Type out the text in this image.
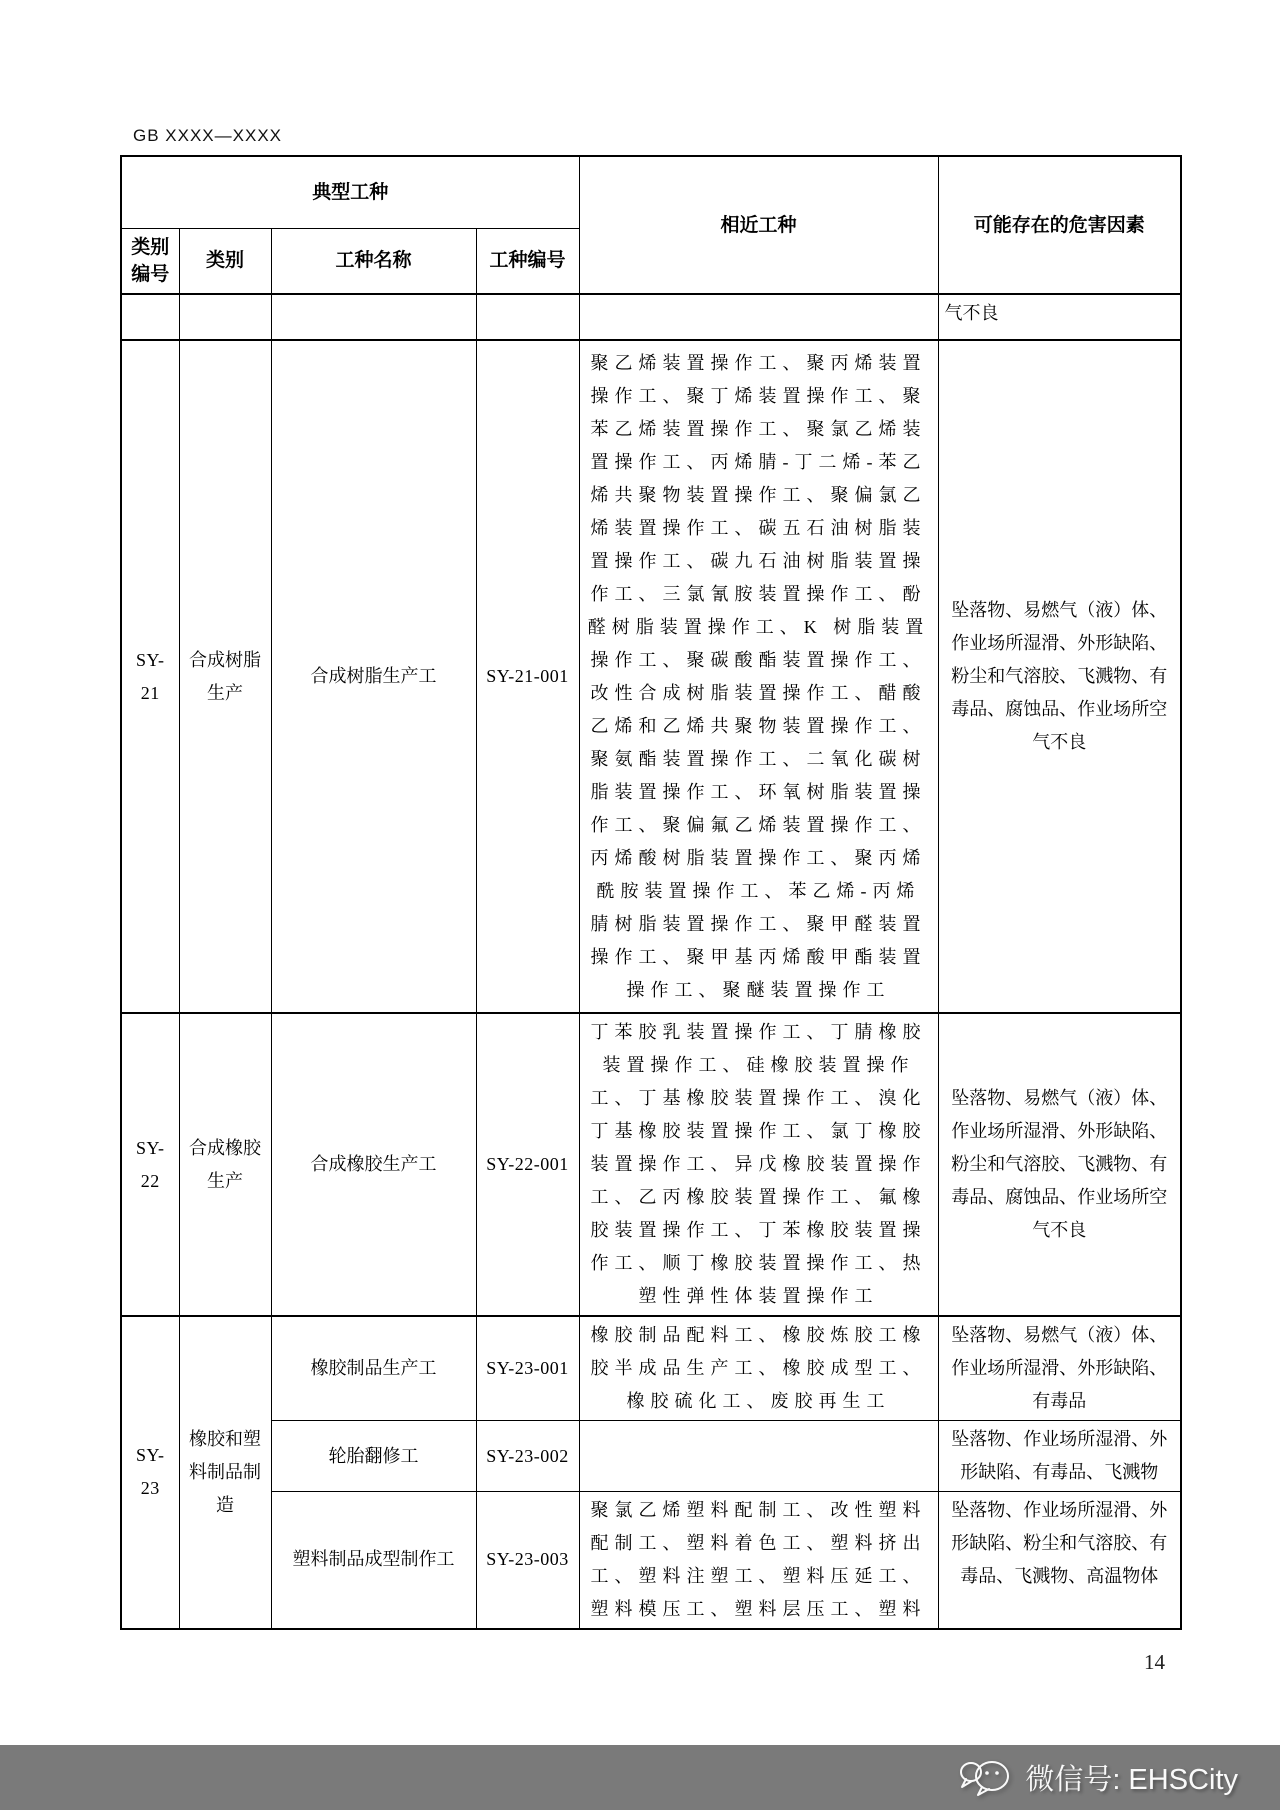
GB XXXX—XXXX
典型工种				相近工种	可能存在的危害因素
类别编号	类别	工种名称	工种编号		
					气不良
SY-21	合成树脂生产	合成树脂生产工	SY-21-001	聚乙烯装置操作工、聚丙烯装置操作工、聚丁烯装置操作工、聚苯乙烯装置操作工、聚氯乙烯装置操作工、丙烯腈-丁二烯-苯乙烯共聚物装置操作工、聚偏氯乙烯装置操作工、碳五石油树脂装置操作工、碳九石油树脂装置操作工、三氯氰胺装置操作工、酚醛树脂装置操作工、K 树脂装置操作工、聚碳酸酯装置操作工、改性合成树脂装置操作工、醋酸乙烯和乙烯共聚物装置操作工、聚氨酯装置操作工、二氧化碳树脂装置操作工、环氧树脂装置操作工、聚偏氟乙烯装置操作工、丙烯酸树脂装置操作工、聚丙烯酰胺装置操作工、苯乙烯-丙烯腈树脂装置操作工、聚甲醛装置操作工、聚甲基丙烯酸甲酯装置操作工、聚醚装置操作工	坠落物、易燃气（液）体、作业场所湿滑、外形缺陷、粉尘和气溶胶、飞溅物、有毒品、腐蚀品、作业场所空气不良
SY-22	合成橡胶生产	合成橡胶生产工	SY-22-001	丁苯胶乳装置操作工、丁腈橡胶装置操作工、硅橡胶装置操作工、丁基橡胶装置操作工、溴化丁基橡胶装置操作工、氯丁橡胶装置操作工、异戊橡胶装置操作工、乙丙橡胶装置操作工、氟橡胶装置操作工、丁苯橡胶装置操作工、顺丁橡胶装置操作工、热塑性弹性体装置操作工	坠落物、易燃气（液）体、作业场所湿滑、外形缺陷、粉尘和气溶胶、飞溅物、有毒品、腐蚀品、作业场所空气不良
SY-23	橡胶和塑料制品制造	橡胶制品生产工	SY-23-001	橡胶制品配料工、橡胶炼胶工橡胶半成品生产工、橡胶成型工、橡胶硫化工、废胶再生工	坠落物、易燃气（液）体、作业场所湿滑、外形缺陷、有毒品
		轮胎翻修工	SY-23-002		坠落物、作业场所湿滑、外形缺陷、有毒品、飞溅物
		塑料制品成型制作工	SY-23-003	聚氯乙烯塑料配制工、改性塑料配制工、塑料着色工、塑料挤出工、塑料注塑工、塑料压延工、塑料模压工、塑料层压工、塑料	坠落物、作业场所湿滑、外形缺陷、粉尘和气溶胶、有毒品、飞溅物、高温物体
14
微信号: EHSCity
